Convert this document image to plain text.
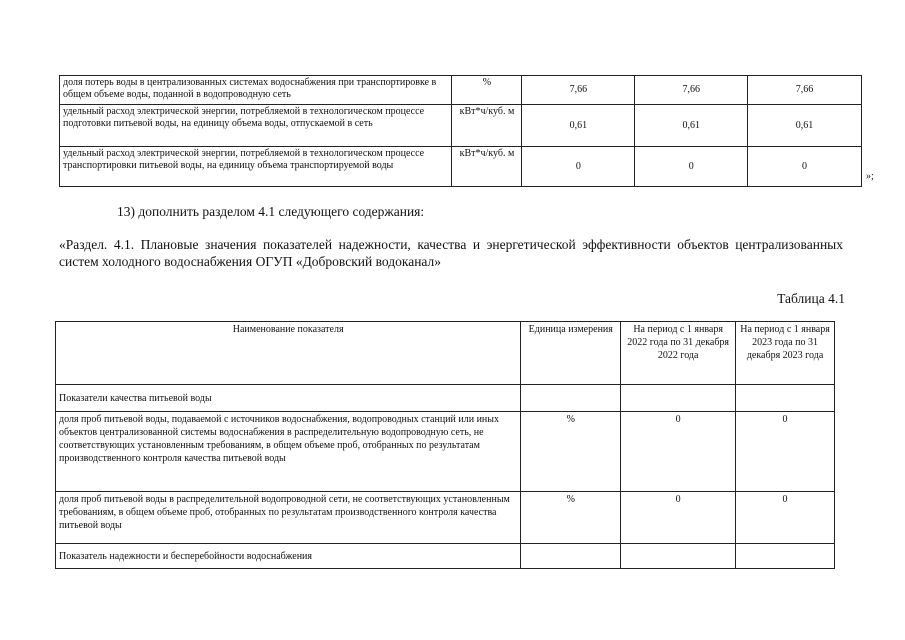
доля потерь воды в централизованных системах водоснабжения при транспортировке в общем объеме воды, поданной в водопроводную сеть	%	7,66	7,66	7,66
удельный расход электрической энергии, потребляемой в технологическом процессе подготовки питьевой воды, на единицу объема воды, отпускаемой в сеть	кВт*ч/куб. м	0,61	0,61	0,61
удельный расход электрической энергии, потребляемой в технологическом процессе транспортировки питьевой воды, на единицу объема транспортируемой воды	кВт*ч/куб. м	0	0	0
»;
13) дополнить разделом 4.1 следующего содержания:
«Раздел. 4.1. Плановые значения показателей надежности, качества и энергетической эффективности объектов централизованных систем холодного водоснабжения ОГУП «Добровский водоканал»
Таблица 4.1
Наименование показателя	Единица измерения	На период с 1 января 2022 года по 31 декабря 2022 года	На период с 1 января 2023 года по 31 декабря 2023 года
Показатели качества питьевой воды			
доля проб питьевой воды, подаваемой с источников водоснабжения, водопроводных станций или иных объектов централизованной системы водоснабжения в распределительную водопроводную сеть, не соответствующих установленным требованиям, в общем объеме проб, отобранных по результатам производственного контроля качества питьевой воды	%	0	0
доля проб питьевой воды в распределительной водопроводной сети, не соответствующих установленным требованиям, в общем объеме проб, отобранных по результатам производственного контроля качества питьевой воды	%	0	0
Показатель надежности и бесперебойности водоснабжения			
